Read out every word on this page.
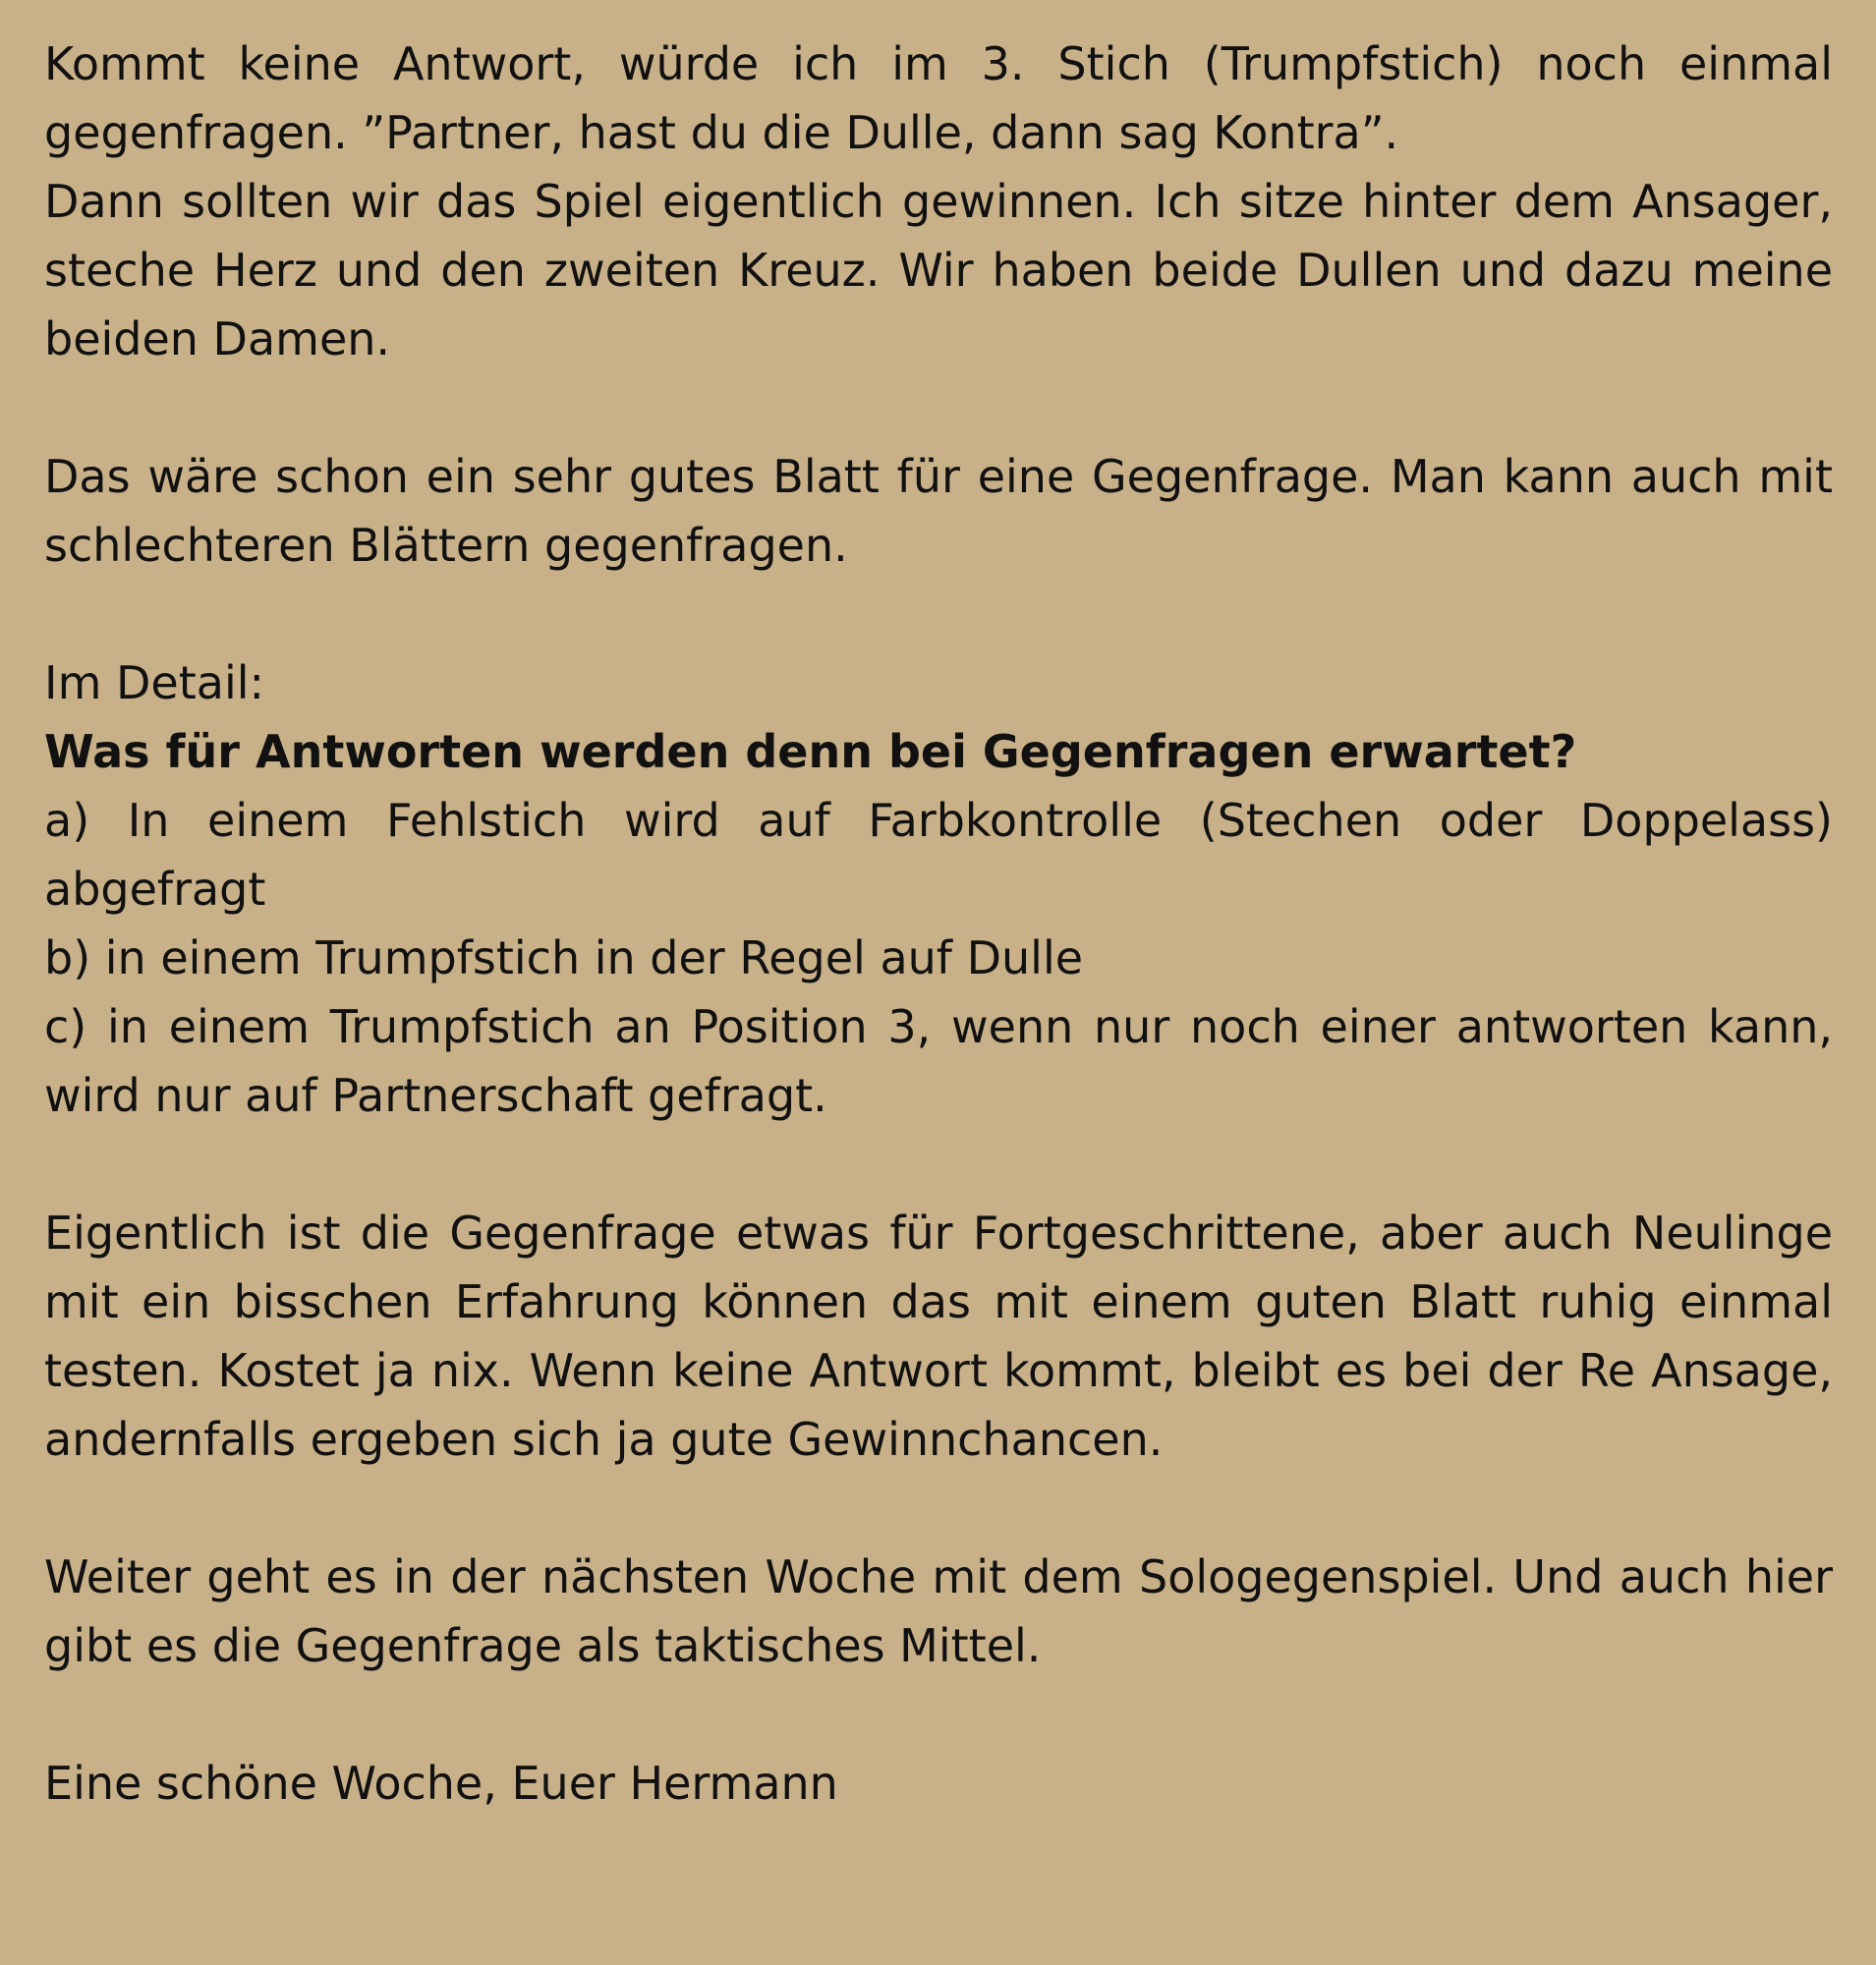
Kommt keine Antwort, würde ich im 3. Stich (Trumpfstich) noch einmal gegenfragen. ”Partner, hast du die Dulle, dann sag Kontra”.

Dann sollten wir das Spiel eigentlich gewinnen. Ich sitze hinter dem Ansager, steche Herz und den zweiten Kreuz. Wir haben beide Dullen und dazu meine beiden Damen.

Das wäre schon ein sehr gutes Blatt für eine Gegenfrage. Man kann auch mit schlechteren Blättern gegenfragen.

Im Detail:

Was für Antworten werden denn bei Gegenfragen erwartet?

a) In einem Fehlstich wird auf Farbkontrolle (Stechen oder Doppelass) abgefragt

b) in einem Trumpfstich in der Regel auf Dulle

c) in einem Trumpfstich an Position 3, wenn nur noch einer antworten kann, wird nur auf Partnerschaft gefragt.

Eigentlich ist die Gegenfrage etwas für Fortgeschrittene, aber auch Neulinge mit ein bisschen Erfahrung können das mit einem guten Blatt ruhig einmal testen. Kostet ja nix. Wenn keine Antwort kommt, bleibt es bei der Re Ansage, andernfalls ergeben sich ja gute Gewinnchancen.

Weiter geht es in der nächsten Woche mit dem Sologegenspiel. Und auch hier gibt es die Gegenfrage als taktisches Mittel.

Eine schöne Woche, Euer Hermann
